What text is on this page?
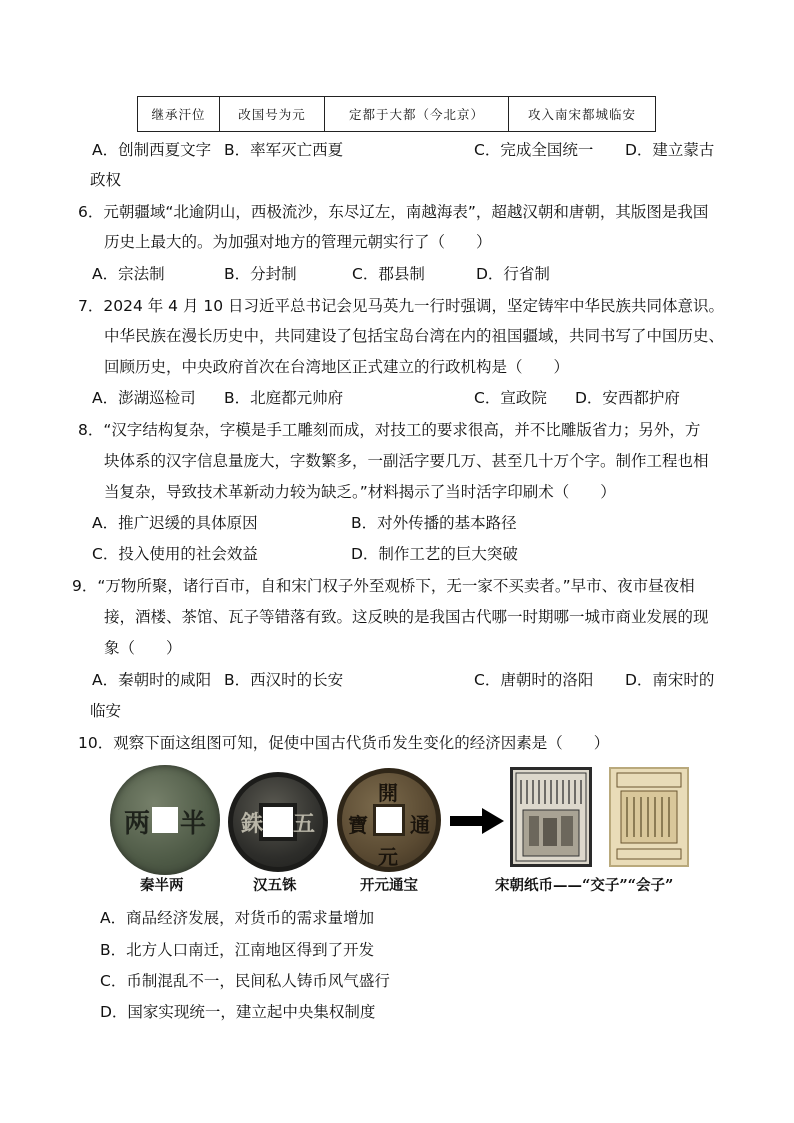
继承汗位	改国号为元	定都于大都（今北京）	攻入南宋都城临安
A．创制西夏文字 B．率军灭亡西夏	C．完成全国统一 D．建立蒙古
政权
6．元朝疆域“北逾阴山，西极流沙，东尽辽左，南越海表”，超越汉朝和唐朝，其版图是我国
历史上最大的。为加强对地方的管理元朝实行了（　　）
A．宗法制	B．分封制	C．郡县制	D．行省制
7．2024 年 4 月 10 日习近平总书记会见马英九一行时强调，坚定铸牢中华民族共同体意识。
中华民族在漫长历史中，共同建设了包括宝岛台湾在内的祖国疆域，共同书写了中国历史、
回顾历史，中央政府首次在台湾地区正式建立的行政机构是（　　）
A．澎湖巡检司 B．北庭都元帅府	C．宣政院 D．安西都护府
8．“汉字结构复杂，字模是手工雕刻而成，对技工的要求很高，并不比雕版省力；另外，方
块体系的汉字信息量庞大，字数繁多，一副活字要几万、甚至几十万个字。制作工程也相
当复杂，导致技术革新动力较为缺乏。”材料揭示了当时活字印刷术（　　）
A．推广迟缓的具体原因	B．对外传播的基本路径
C．投入使用的社会效益	D．制作工艺的巨大突破
9．“万物所聚，诸行百市，自和宋门权子外至观桥下，无一家不买卖者。”早市、夜市昼夜相
接，酒楼、茶馆、瓦子等错落有致。这反映的是我国古代哪一时期哪一城市商业发展的现
象（　　）
A．秦朝时的咸阳 B．西汉时的长安	C．唐朝时的洛阳 D．南宋时的
临安
10．观察下面这组图可知，促使中国古代货币发生变化的经济因素是（　　）
两 半 銖 五
開
通
寶
元
秦半两	汉五铢	开元通宝	宋朝纸币——“交子”“会子”
A．商品经济发展，对货币的需求量增加
B．北方人口南迁，江南地区得到了开发
C．币制混乱不一，民间私人铸币风气盛行
D．国家实现统一，建立起中央集权制度
